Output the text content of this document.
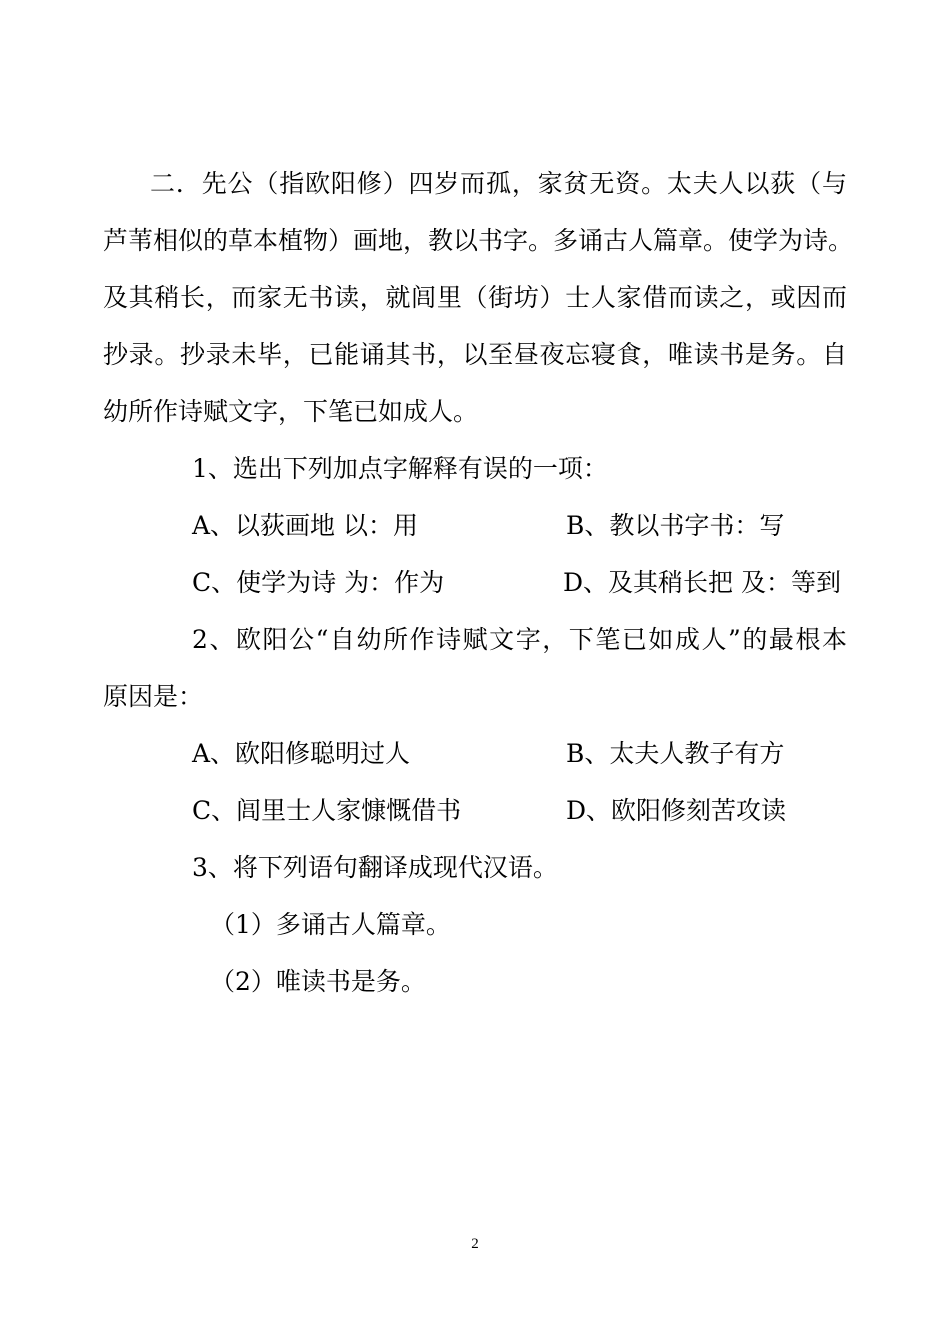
二．先公（指欧阳修）四岁而孤，家贫无资。太夫人以荻（与
芦苇相似的草本植物）画地，教以书字。多诵古人篇章。使学为诗。
及其稍长，而家无书读，就闾里（街坊）士人家借而读之，或因而
抄录。抄录未毕，已能诵其书，以至昼夜忘寝食，唯读书是务。自
幼所作诗赋文字，下笔已如成人。
1、选出下列加点字解释有误的一项：
A、以荻画地 以：用	B、教以书字书：写
C、使学为诗 为：作为	D、及其稍长把 及：等到
2、欧阳公“自幼所作诗赋文字，下笔已如成人”的最根本
原因是：
A、欧阳修聪明过人	B、太夫人教子有方
C、闾里士人家慷慨借书	D、欧阳修刻苦攻读
3、将下列语句翻译成现代汉语。
（1）多诵古人篇章。
（2）唯读书是务。
2
